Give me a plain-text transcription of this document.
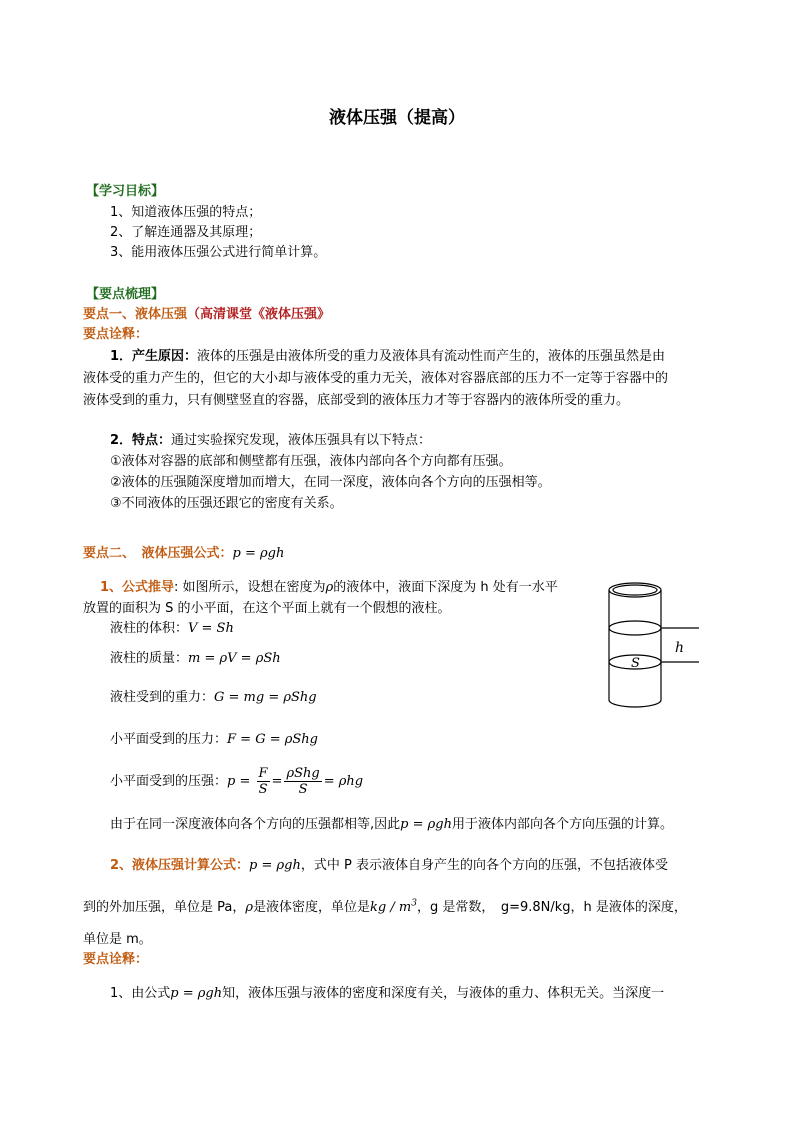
液体压强（提高）
【学习目标】
1、知道液体压强的特点；
2、了解连通器及其原理；
3、能用液体压强公式进行简单计算。
【要点梳理】
要点一、液体压强（高清课堂《液体压强》
要点诠释：
1．产生原因：液体的压强是由液体所受的重力及液体具有流动性而产生的，液体的压强虽然是由
液体受的重力产生的，但它的大小却与液体受的重力无关，液体对容器底部的压力不一定等于容器中的
液体受到的重力，只有侧壁竖直的容器，底部受到的液体压力才等于容器内的液体所受的重力。
2．特点：通过实验探究发现，液体压强具有以下特点：
①液体对容器的底部和侧壁都有压强，液体内部向各个方向都有压强。
②液体的压强随深度增加而增大，在同一深度，液体向各个方向的压强相等。
③不同液体的压强还跟它的密度有关系。
要点二、　液体压强公式：p = ρgh
1、公式推导: 如图所示，设想在密度为ρ的液体中，液面下深度为 h 处有一水平
放置的面积为 S 的小平面，在这个平面上就有一个假想的液柱。
液柱的体积：V = Sh
液柱的质量：m = ρV = ρSh
液柱受到的重力：G = mg = ρShg
小平面受到的压力：F = G = ρShg
小平面受到的压强：$p = \frac{F}{S} = \frac{\text{ρShg}}{S} = \rho hg$
由于在同一深度液体向各个方向的压强都相等,因此p = ρgh用于液体内部向各个方向压强的计算。
2、液体压强计算公式：p = ρgh，式中 P 表示液体自身产生的向各个方向的压强，不包括液体受
到的外加压强，单位是 Pa，ρ是液体密度，单位是kg / $m^3$，g 是常数，　g=9.8N/kg，h 是液体的深度，
单位是 m。
要点诠释：
1、由公式p = ρgh知，液体压强与液体的密度和深度有关，与液体的重力、体积无关。当深度一
h
S
